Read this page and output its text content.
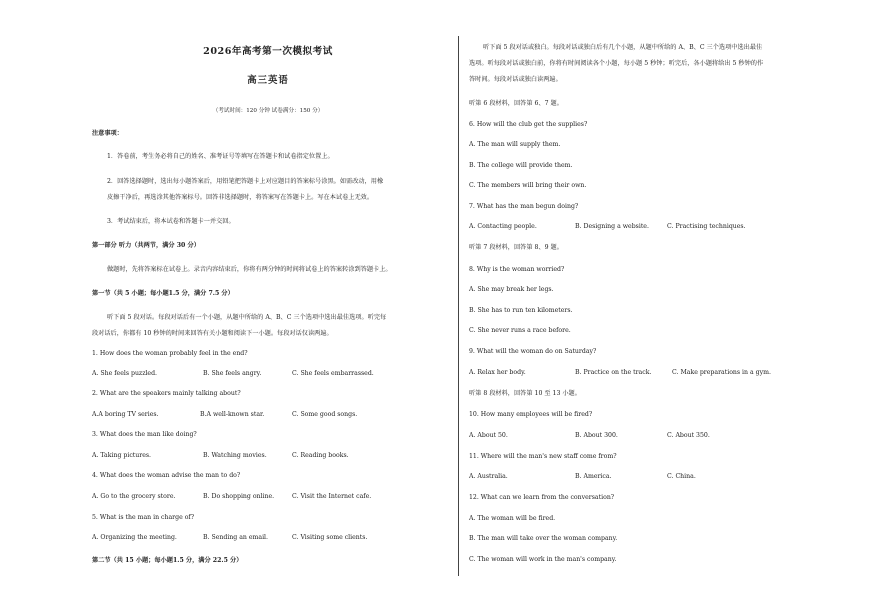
2026年高考第一次模拟考试
高三英语
（考试时间：120 分钟 试卷满分：150 分）
注意事项：
1．答卷前，考生务必将自己的姓名、准考证号等填写在答题卡和试卷指定位置上。
2．回答选择题时，选出每小题答案后，用铅笔把答题卡上对应题目的答案标号涂黑。如需改动，用橡
皮擦干净后，再选涂其他答案标号。回答非选择题时，将答案写在答题卡上。写在本试卷上无效。
3．考试结束后，将本试卷和答题卡一并交回。
第一部分 听力（共两节，满分 30 分）
做题时，先将答案标在试卷上。录音内容结束后，你将有两分钟的时间将试卷上的答案转涂到答题卡上。
第一节（共 5 小题；每小题1.5 分，满分 7.5 分）
听下面 5 段对话。每段对话后有一个小题，从题中所给的 A、B、C 三个选项中选出最佳选项。听完每
段对话后，你都有 10 秒钟的时间来回答有关小题和阅读下一小题。每段对话仅读两遍。
1. How does the woman probably feel in the end?
A. She feels puzzled.	B. She feels angry.	C. She feels embarrassed.
2. What are the speakers mainly talking about?
A.A boring TV series.	B.A well-known star.	C. Some good songs.
3. What does the man like doing?
A. Taking pictures.	B. Watching movies.	C. Reading books.
4. What does the woman advise the man to do?
A. Go to the grocery store.	B. Do shopping online.	C. Visit the Internet cafe.
5. What is the man in charge of?
A. Organizing the meeting.	B. Sending an email.	C. Visiting some clients.
第二节（共 15 小题；每小题1.5 分，满分 22.5 分）
听下面 5 段对话或独白。每段对话或独白后有几个小题，从题中所给的 A、B、C 三个选项中选出最佳
选项。听每段对话或独白前，你将有时间阅读各个小题，每小题 5 秒钟；听完后，各小题将给出 5 秒钟的作
答时间。每段对话或独白读两遍。
听第 6 段材料，回答第 6、7 题。
6. How will the club get the supplies?
A. The man will supply them.
B. The college will provide them.
C. The members will bring their own.
7. What has the man begun doing?
A. Contacting people.	B. Designing a website.	C. Practising techniques.
听第 7 段材料，回答第 8、9 题。
8. Why is the woman worried?
A. She may break her legs.
B. She has to run ten kilometers.
C. She never runs a race before.
9. What will the woman do on Saturday?
A. Relax her body.	B. Practice on the track.	C. Make preparations in a gym.
听第 8 段材料，回答第 10 至 13 小题。
10. How many employees will be fired?
A. About 50.	B. About 300.	C. About 350.
11. Where will the man's new staff come from?
A. Australia.	B. America.	C. China.
12. What can we learn from the conversation?
A. The woman will be fired.
B. The man will take over the woman company.
C. The woman will work in the man's company.
